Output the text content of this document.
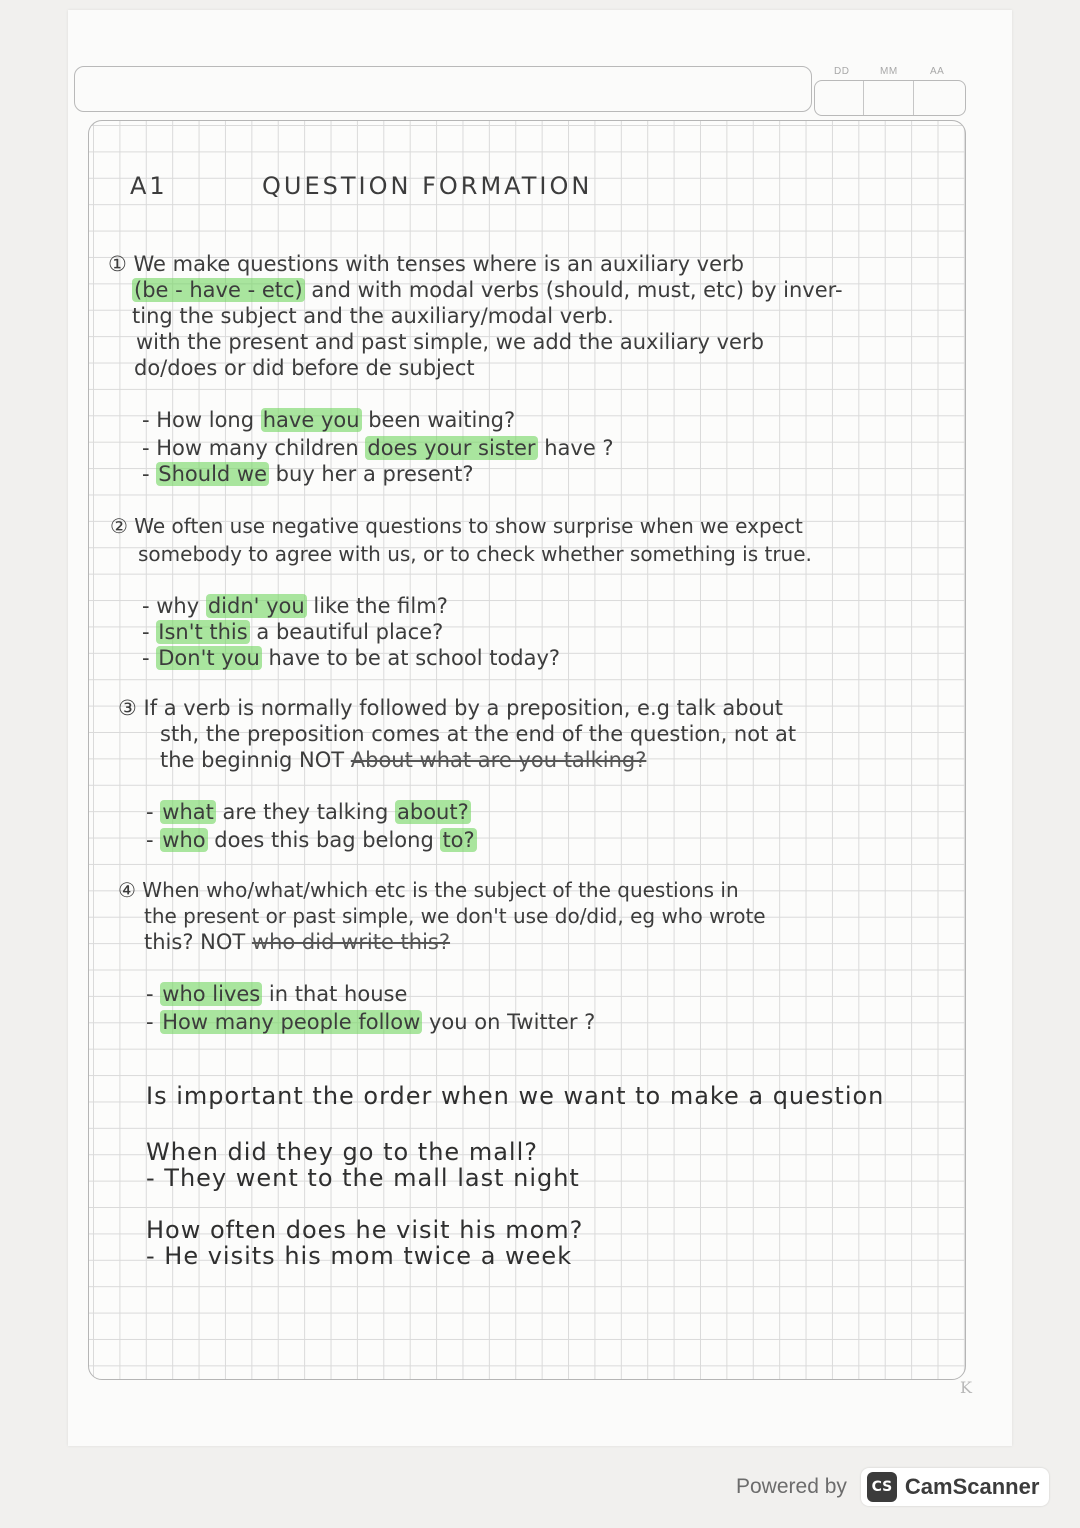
DD	MM	AA
A1	QUESTION FORMATION
① We make questions with tenses where is an auxiliary verb
(be - have - etc) and with modal verbs (should, must, etc) by inver-
ting the subject and the auxiliary/modal verb.
with the present and past simple, we add the auxiliary verb
do/does or did before de subject
- How long have you been waiting?
- How many children does your sister have ?
- Should we buy her a present?
② We often use negative questions to show surprise when we expect
somebody to agree with us, or to check whether something is true.
- why didn' you like the film?
- Isn't this a beautiful place?
- Don't you have to be at school today?
③ If a verb is normally followed by a preposition, e.g talk about
sth, the preposition comes at the end of the question, not at
the beginnig NOT About what are you talking?
- what are they talking about?
- who does this bag belong to?
④ When who/what/which etc is the subject of the questions in
the present or past simple, we don't use do/did, eg who wrote
this? NOT who did write this?
- who lives in that house
- How many people follow you on Twitter ?
Is important the order when we want to make a question
When did they go to the mall?
- They went to the mall last night
How often does he visit his mom?
- He visits his mom twice a week
K
Powered by	CS CamScanner
